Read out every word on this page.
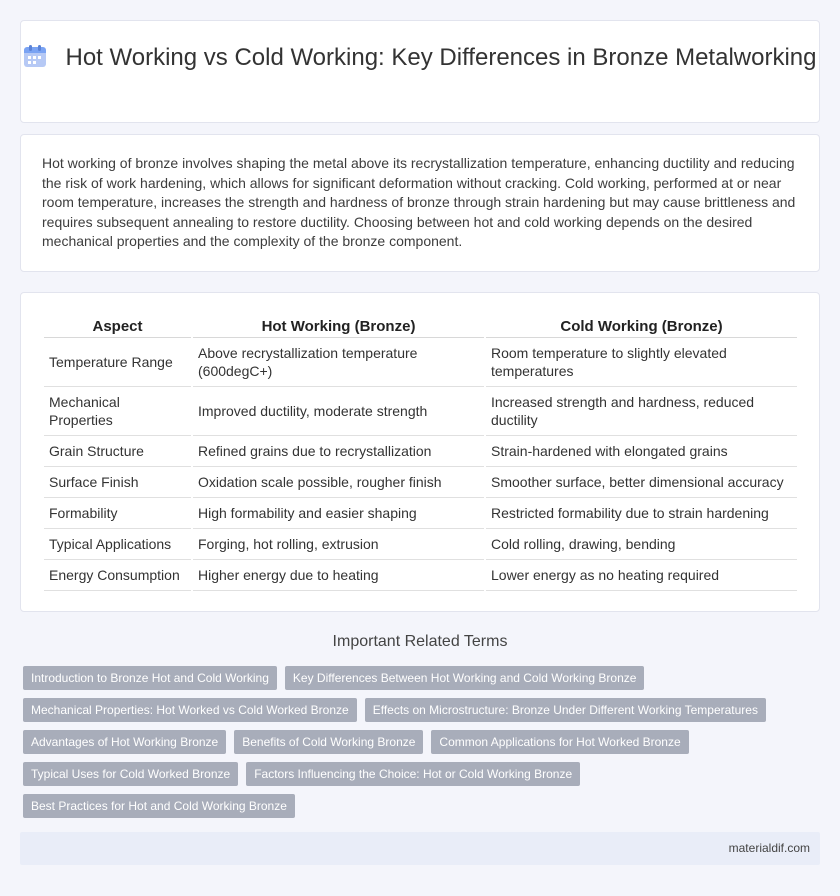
Hot Working vs Cold Working: Key Differences in Bronze Metalworking

Hot working of bronze involves shaping the metal above its recrystallization temperature, enhancing ductility and reducing the risk of work hardening, which allows for significant deformation without cracking. Cold working, performed at or near room temperature, increases the strength and hardness of bronze through strain hardening but may cause brittleness and requires subsequent annealing to restore ductility. Choosing between hot and cold working depends on the desired mechanical properties and the complexity of the bronze component.

Aspect	Hot Working (Bronze)	Cold Working (Bronze)
Temperature Range	Above recrystallization temperature (600degC+)	Room temperature to slightly elevated temperatures
Mechanical Properties	Improved ductility, moderate strength	Increased strength and hardness, reduced ductility
Grain Structure	Refined grains due to recrystallization	Strain-hardened with elongated grains
Surface Finish	Oxidation scale possible, rougher finish	Smoother surface, better dimensional accuracy
Formability	High formability and easier shaping	Restricted formability due to strain hardening
Typical Applications	Forging, hot rolling, extrusion	Cold rolling, drawing, bending
Energy Consumption	Higher energy due to heating	Lower energy as no heating required
Important Related Terms
Introduction to Bronze Hot and Cold Working Key Differences Between Hot Working and Cold Working Bronze
Mechanical Properties: Hot Worked vs Cold Worked Bronze Effects on Microstructure: Bronze Under Different Working Temperatures
Advantages of Hot Working Bronze Benefits of Cold Working Bronze Common Applications for Hot Worked Bronze
Typical Uses for Cold Worked Bronze Factors Influencing the Choice: Hot or Cold Working Bronze
Best Practices for Hot and Cold Working Bronze
materialdif.com
